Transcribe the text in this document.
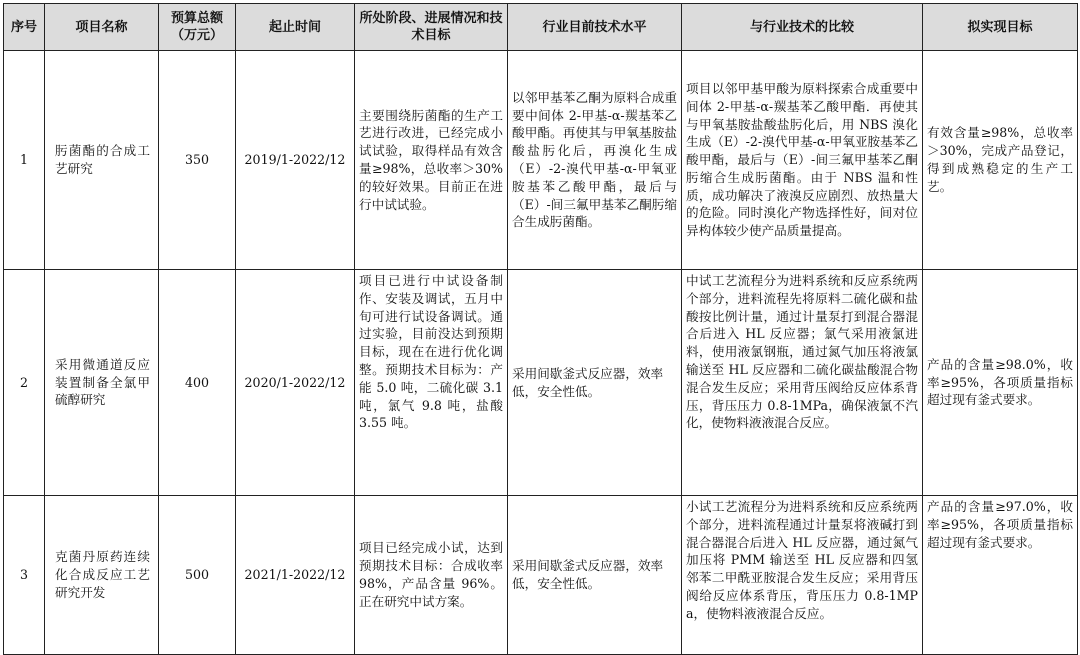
序号	项目名称	预算总额（万元）	起止时间	所处阶段、进展情况和技术目标	行业目前技术水平	与行业技术的比较	拟实现目标
1	肟菌酯的合成工艺研究	350	2019/1-2022/12	主要围绕肟菌酯的生产工艺进行改进，已经完成小试试验，取得样品有效含量≥98%，总收率＞30%的较好效果。目前正在进行中试试验。	以邻甲基苯乙酮为原料合成重要中间体 2-甲基-α-羰基苯乙酸甲酯。再使其与甲氧基胺盐酸盐肟化后，再溴化生成（E）-2-溴代甲基-α-甲氧亚胺基苯乙酸甲酯，最后与（E）-间三氟甲基苯乙酮肟缩合生成肟菌酯。	项目以邻甲基甲酸为原料探索合成重要中间体 2-甲基-α-羰基苯乙酸甲酯．再使其与甲氧基胺盐酸盐肟化后，用 NBS 溴化生成（E）-2-溴代甲基-α-甲氧亚胺基苯乙酸甲酯，最后与（E）-间三氟甲基苯乙酮肟缩合生成肟菌酯。由于 NBS 温和性质，成功解决了液溴反应剧烈、放热量大的危险。同时溴化产物选择性好，间对位异构体较少使产品质量提高。	有效含量≥98%，总收率＞30%，完成产品登记，得到成熟稳定的生产工艺。
2	采用微通道反应装置制备全氯甲硫醇研究	400	2020/1-2022/12	项目已进行中试设备制作、安装及调试，五月中旬可进行试设备调试。通过实验，目前没达到预期目标，现在在进行优化调整。预期技术目标为：产能 5.0 吨，二硫化碳 3.1 吨，氯气 9.8 吨，盐酸 3.55 吨。	采用间歇釜式反应器，效率低，安全性低。	中试工艺流程分为进料系统和反应系统两个部分，进料流程先将原料二硫化碳和盐酸按比例计量，通过计量泵打到混合器混合后进入 HL 反应器；氯气采用液氯进料，使用液氯钢瓶，通过氮气加压将液氯输送至 HL 反应器和二硫化碳盐酸混合物混合发生反应；采用背压阀给反应体系背压，背压压力 0.8-1MPa，确保液氯不汽化，使物料液液混合反应。	产品的含量≥98.0%，收率≥95%，各项质量指标超过现有釜式要求。
3	克菌丹原药连续化合成反应工艺研究开发	500	2021/1-2022/12	项目已经完成小试，达到预期技术目标：合成收率 98%，产品含量 96%。正在研究中试方案。	采用间歇釜式反应器，效率低，安全性低。	小试工艺流程分为进料系统和反应系统两个部分，进料流程通过计量泵将液碱打到混合器混合后进入 HL 反应器，通过氮气加压将 PMM 输送至 HL 反应器和四氢邻苯二甲酰亚胺混合发生反应；采用背压阀给反应体系背压，背压压力 0.8-1MPa，使物料液液混合反应。	产品的含量≥97.0%，收率≥95%，各项质量指标超过现有釜式要求。
